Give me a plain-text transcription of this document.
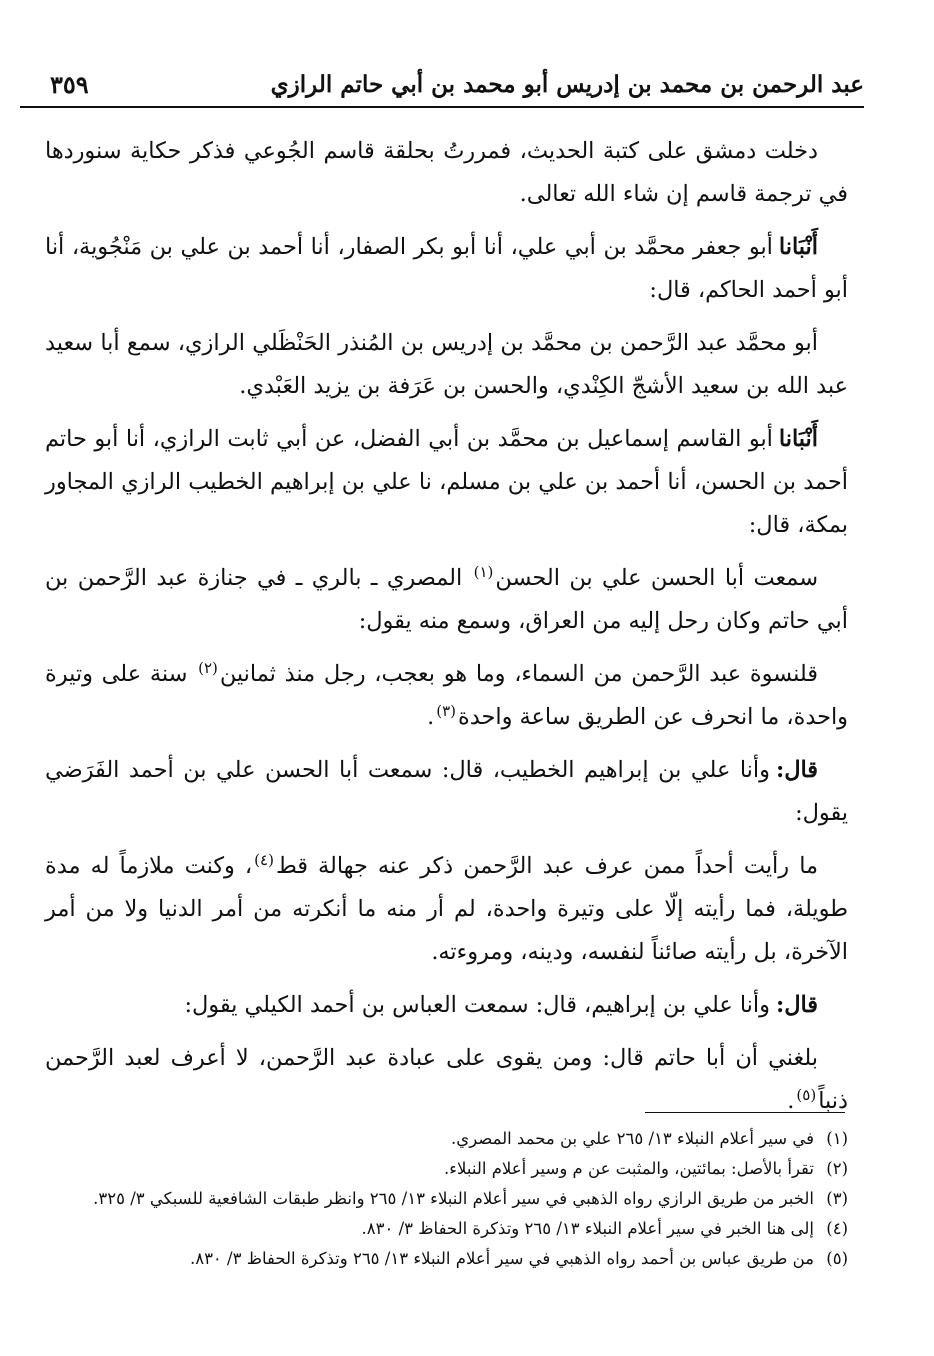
عبد الرحمن بن محمد بن إدريس أبو محمد بن أبي حاتم الرازي
٣٥٩

دخلت دمشق على كتبة الحديث، فمررتُ بحلقة قاسم الجُوعي فذكر حكاية سنوردها في ترجمة قاسم إن شاء الله تعالى.

أَنْبَاناأبو جعفر محمَّد بن أبي علي، أنا أبو بكر الصفار، أنا أحمد بن علي بن مَنْجُوية، أنا أبو أحمد الحاكم، قال:

أبو محمَّد عبد الرَّحمن بن محمَّد بن إدريس بن المُنذر الحَنْظَلي الرازي، سمع أبا سعيد عبد الله بن سعيد الأشجّ الكِنْدي، والحسن بن عَرَفة بن يزيد العَبْدي.

أَنْبَاناأبو القاسم إسماعيل بن محمَّد بن أبي الفضل، عن أبي ثابت الرازي، أنا أبو حاتم أحمد بن الحسن، أنا أحمد بن علي بن مسلم، نا علي بن إبراهيم الخطيب الرازي المجاور بمكة، قال:

سمعت أبا الحسن علي بن الحسن$^{(١)}$ المصري ـ بالري ـ في جنازة عبد الرَّحمن بن أبي حاتم وكان رحل إليه من العراق، وسمع منه يقول:

قلنسوة عبد الرَّحمن من السماء، وما هو بعجب، رجل منذ ثمانين$^{(٢)}$ سنة على وتيرة واحدة، ما انحرف عن الطريق ساعة واحدة$^{(٣)}$.

قال:وأنا علي بن إبراهيم الخطيب، قال: سمعت أبا الحسن علي بن أحمد الفَرَضي يقول:

ما رأيت أحداً ممن عرف عبد الرَّحمن ذكر عنه جهالة قط$^{(٤)}$، وكنت ملازماً له مدة طويلة، فما رأيته إلّا على وتيرة واحدة، لم أر منه ما أنكرته من أمر الدنيا ولا من أمر الآخرة، بل رأيته صائناً لنفسه، ودينه، ومروءته.

قال:وأنا علي بن إبراهيم، قال: سمعت العباس بن أحمد الكيلي يقول:

بلغني أن أبا حاتم قال: ومن يقوى على عبادة عبد الرَّحمن، لا أعرف لعبد الرَّحمن ذنباً$^{(٥)}$.

(١)
في سير أعلام النبلاء ١٣/ ٢٦٥ علي بن محمد المصري.
(٢)
تقرأ بالأصل: بمائتين، والمثبت عن م وسير أعلام النبلاء.
(٣)
الخبر من طريق الرازي رواه الذهبي في سير أعلام النبلاء ١٣/ ٢٦٥ وانظر طبقات الشافعية للسبكي ٣/ ٣٢٥.
(٤)
إلى هنا الخبر في سير أعلام النبلاء ١٣/ ٢٦٥ وتذكرة الحفاظ ٣/ ٨٣٠.
(٥)
من طريق عباس بن أحمد رواه الذهبي في سير أعلام النبلاء ١٣/ ٢٦٥ وتذكرة الحفاظ ٣/ ٨٣٠.
